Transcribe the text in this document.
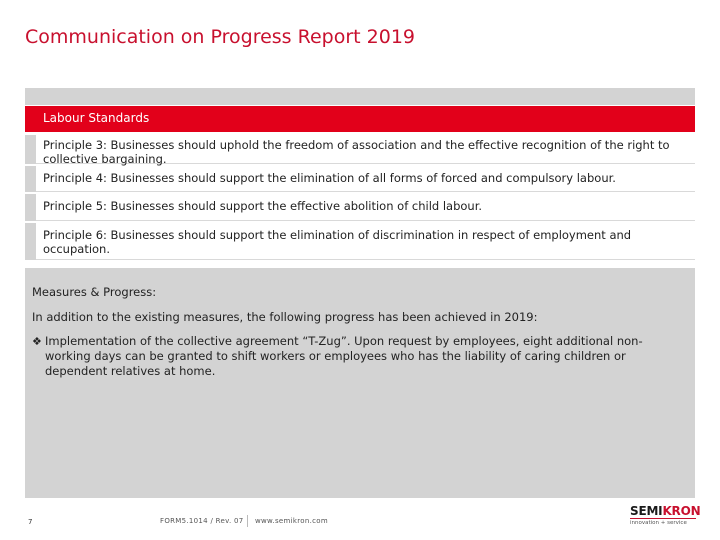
Communication on Progress Report 2019
Labour Standards
Principle 3: Businesses should uphold the freedom of association and the effective recognition of the right to collective bargaining.
Principle 4: Businesses should support the elimination of all forms of forced and compulsory labour.
Principle 5: Businesses should support the effective abolition of child labour.
Principle 6: Businesses should support the elimination of discrimination in respect of employment and occupation.
Measures & Progress:
In addition to the existing measures, the following progress has been achieved in 2019:
❖ Implementation of the collective agreement “T-Zug”. Upon request by employees, eight additional non-working days can be granted to shift workers or employees who has the liability of caring children or dependent relatives at home.
7	FORM5.1014 / Rev. 07 www.semikron.com
SEMIKRON
innovation + service
